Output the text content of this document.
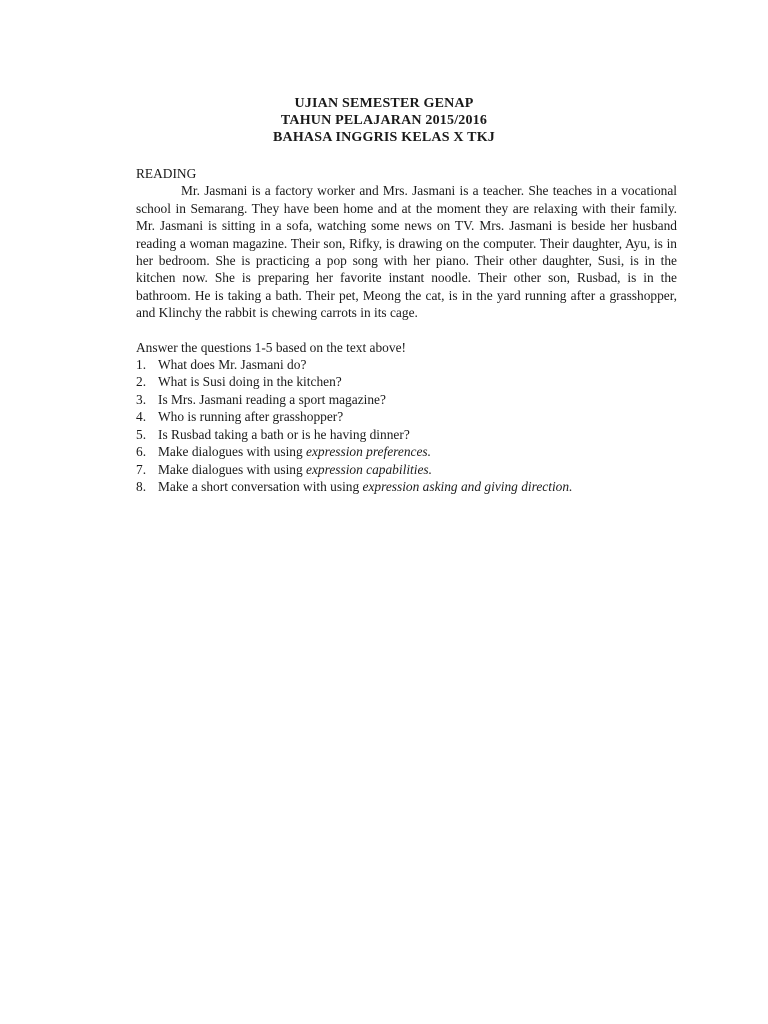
UJIAN SEMESTER GENAP
TAHUN PELAJARAN 2015/2016
BAHASA INGGRIS KELAS X TKJ
READING

Mr. Jasmani is a factory worker and Mrs. Jasmani is a teacher. She teaches in a vocational school in Semarang. They have been home and at the moment they are relaxing with their family. Mr. Jasmani is sitting in a sofa, watching some news on TV. Mrs. Jasmani is beside her husband reading a woman magazine. Their son, Rifky, is drawing on the computer. Their daughter, Ayu, is in her bedroom. She is practicing a pop song with her piano. Their other daughter, Susi, is in the kitchen now. She is preparing her favorite instant noodle. Their other son, Rusbad, is in the bathroom. He is taking a bath. Their pet, Meong the cat, is in the yard running after a grasshopper, and Klinchy the rabbit is chewing carrots in its cage.

Answer the questions 1-5 based on the text above!

1. What does Mr. Jasmani do?
2. What is Susi doing in the kitchen?
3. Is Mrs. Jasmani reading a sport magazine?
4. Who is running after grasshopper?
5. Is Rusbad taking a bath or is he having dinner?
6. Make dialogues with using expression preferences.
7. Make dialogues with using expression capabilities.
8. Make a short conversation with using expression asking and giving direction.
